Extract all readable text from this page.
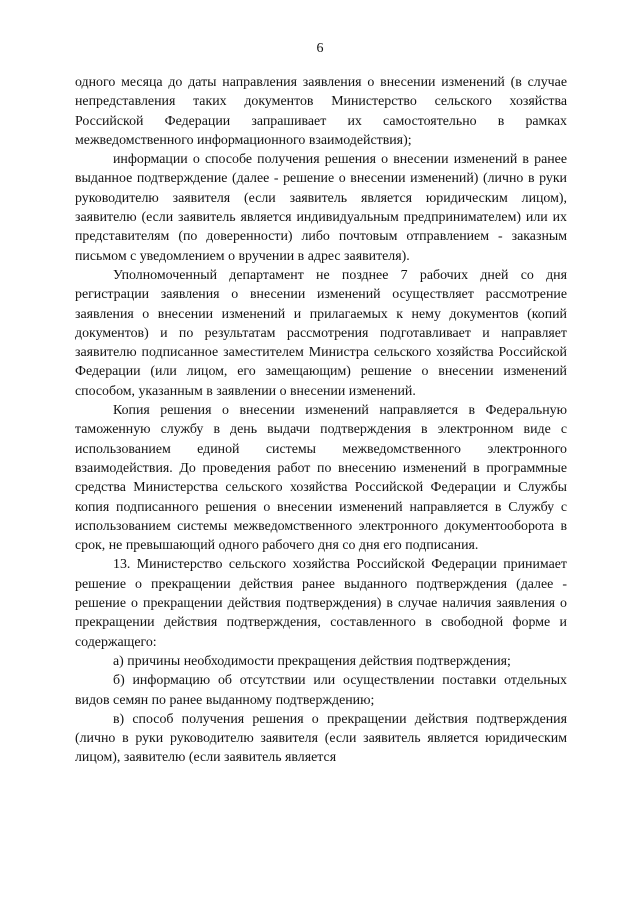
6

одного месяца до даты направления заявления о внесении изменений (в случае непредставления таких документов Министерство сельского хозяйства Российской Федерации запрашивает их самостоятельно в рамках межведомственного информационного взаимодействия);

информации о способе получения решения о внесении изменений в ранее выданное подтверждение (далее - решение о внесении изменений) (лично в руки руководителю заявителя (если заявитель является юридическим лицом), заявителю (если заявитель является индивидуальным предпринимателем) или их представителям (по доверенности) либо почтовым отправлением - заказным письмом с уведомлением о вручении в адрес заявителя).

Уполномоченный департамент не позднее 7 рабочих дней со дня регистрации заявления о внесении изменений осуществляет рассмотрение заявления о внесении изменений и прилагаемых к нему документов (копий документов) и по результатам рассмотрения подготавливает и направляет заявителю подписанное заместителем Министра сельского хозяйства Российской Федерации (или лицом, его замещающим) решение о внесении изменений способом, указанным в заявлении о внесении изменений.

Копия решения о внесении изменений направляется в Федеральную таможенную службу в день выдачи подтверждения в электронном виде с использованием единой системы межведомственного электронного взаимодействия. До проведения работ по внесению изменений в программные средства Министерства сельского хозяйства Российской Федерации и Службы копия подписанного решения о внесении изменений направляется в Службу с использованием системы межведомственного электронного документооборота в срок, не превышающий одного рабочего дня со дня его подписания.

13. Министерство сельского хозяйства Российской Федерации принимает решение о прекращении действия ранее выданного подтверждения (далее - решение о прекращении действия подтверждения) в случае наличия заявления о прекращении действия подтверждения, составленного в свободной форме и содержащего:

а) причины необходимости прекращения действия подтверждения;

б) информацию об отсутствии или осуществлении поставки отдельных видов семян по ранее выданному подтверждению;

в) способ получения решения о прекращении действия подтверждения (лично в руки руководителю заявителя (если заявитель является юридическим лицом), заявителю (если заявитель является
